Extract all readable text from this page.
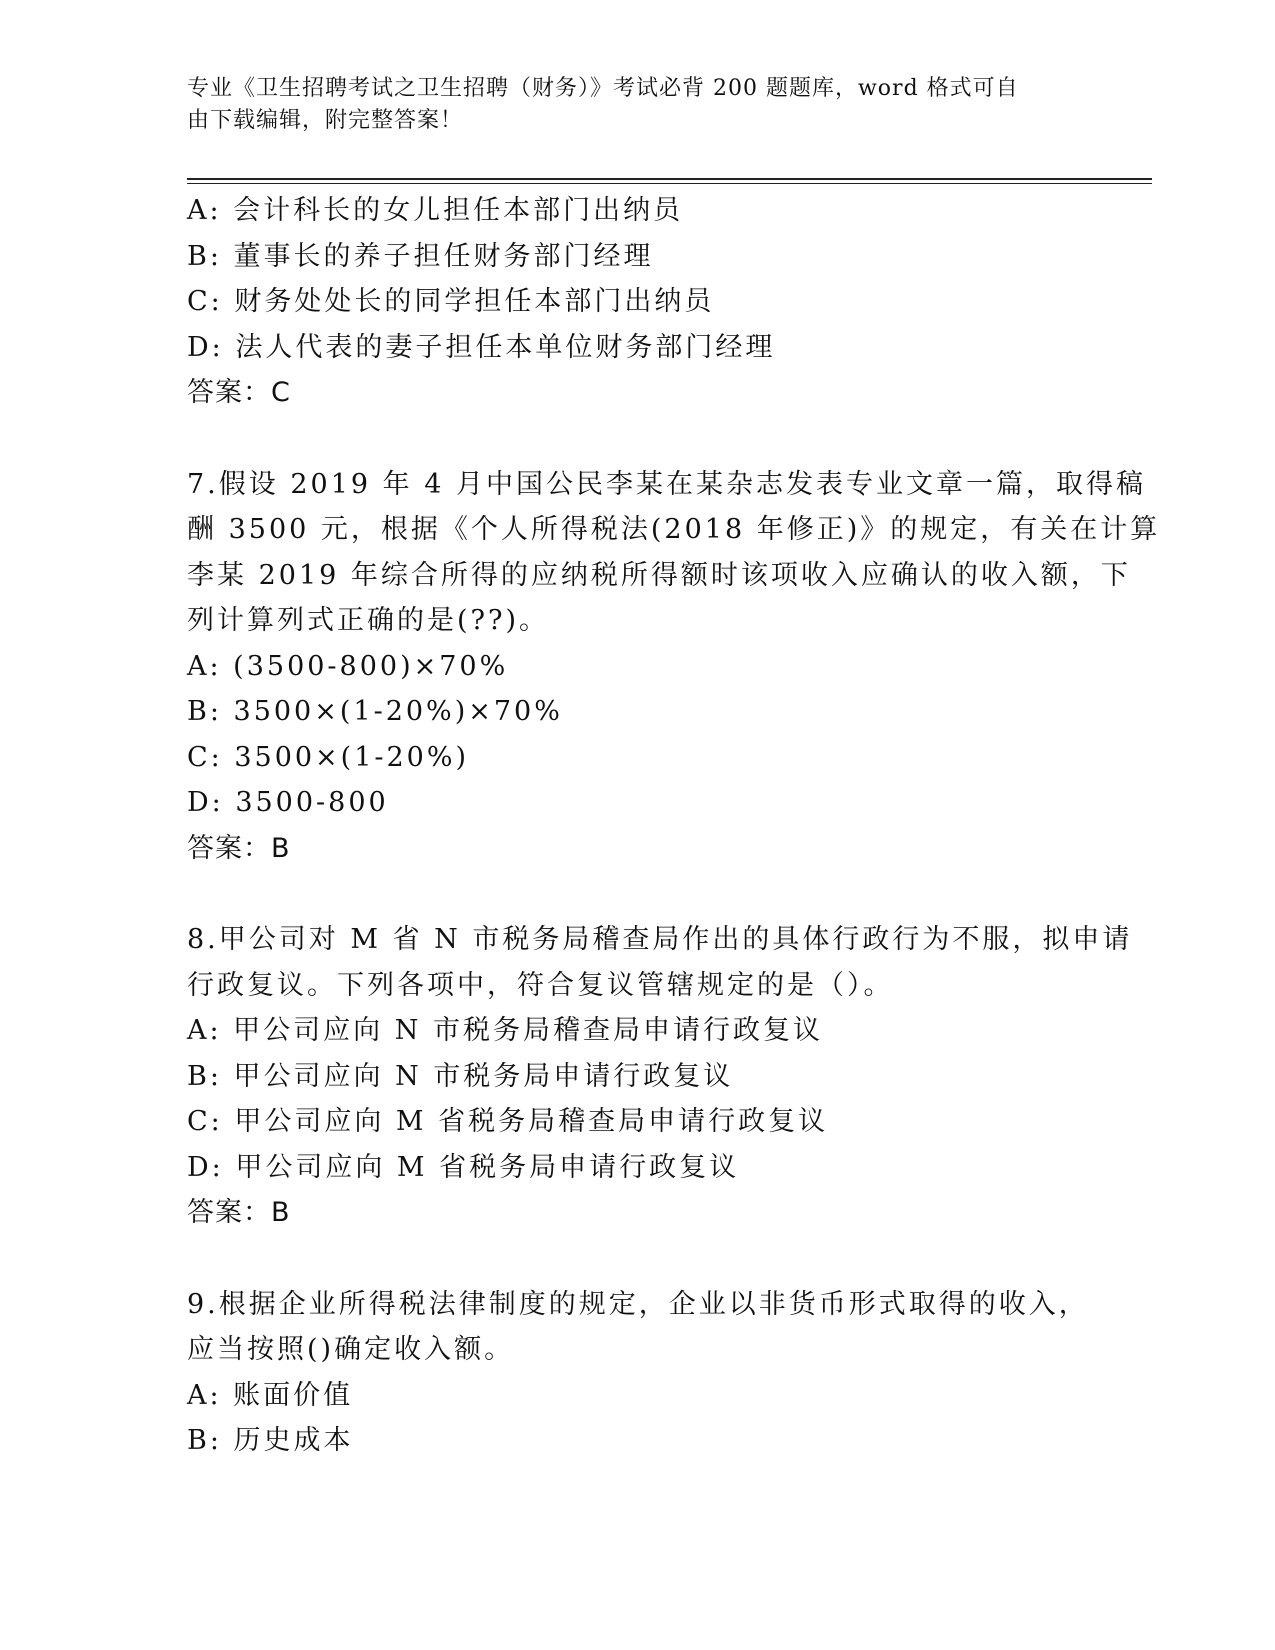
专业《卫生招聘考试之卫生招聘（财务）》考试必背 200 题题库，word 格式可自
由下载编辑，附完整答案！
A: 会计科长的女儿担任本部门出纳员
B: 董事长的养子担任财务部门经理
C: 财务处处长的同学担任本部门出纳员
D: 法人代表的妻子担任本单位财务部门经理
答案：C
7.假设 2019 年 4 月中国公民李某在某杂志发表专业文章一篇，取得稿
酬 3500 元，根据《个人所得税法(2018 年修正)》的规定，有关在计算
李某 2019 年综合所得的应纳税所得额时该项收入应确认的收入额，下
列计算列式正确的是(??)。
A: (3500-800)×70%
B: 3500×(1-20%)×70%
C: 3500×(1-20%)
D: 3500-800
答案：B
8.甲公司对 M 省 N 市税务局稽查局作出的具体行政行为不服，拟申请
行政复议。下列各项中，符合复议管辖规定的是（）。
A: 甲公司应向 N 市税务局稽查局申请行政复议
B: 甲公司应向 N 市税务局申请行政复议
C: 甲公司应向 M 省税务局稽查局申请行政复议
D: 甲公司应向 M 省税务局申请行政复议
答案：B
9.根据企业所得税法律制度的规定，企业以非货币形式取得的收入，
应当按照()确定收入额。
A: 账面价值
B: 历史成本
